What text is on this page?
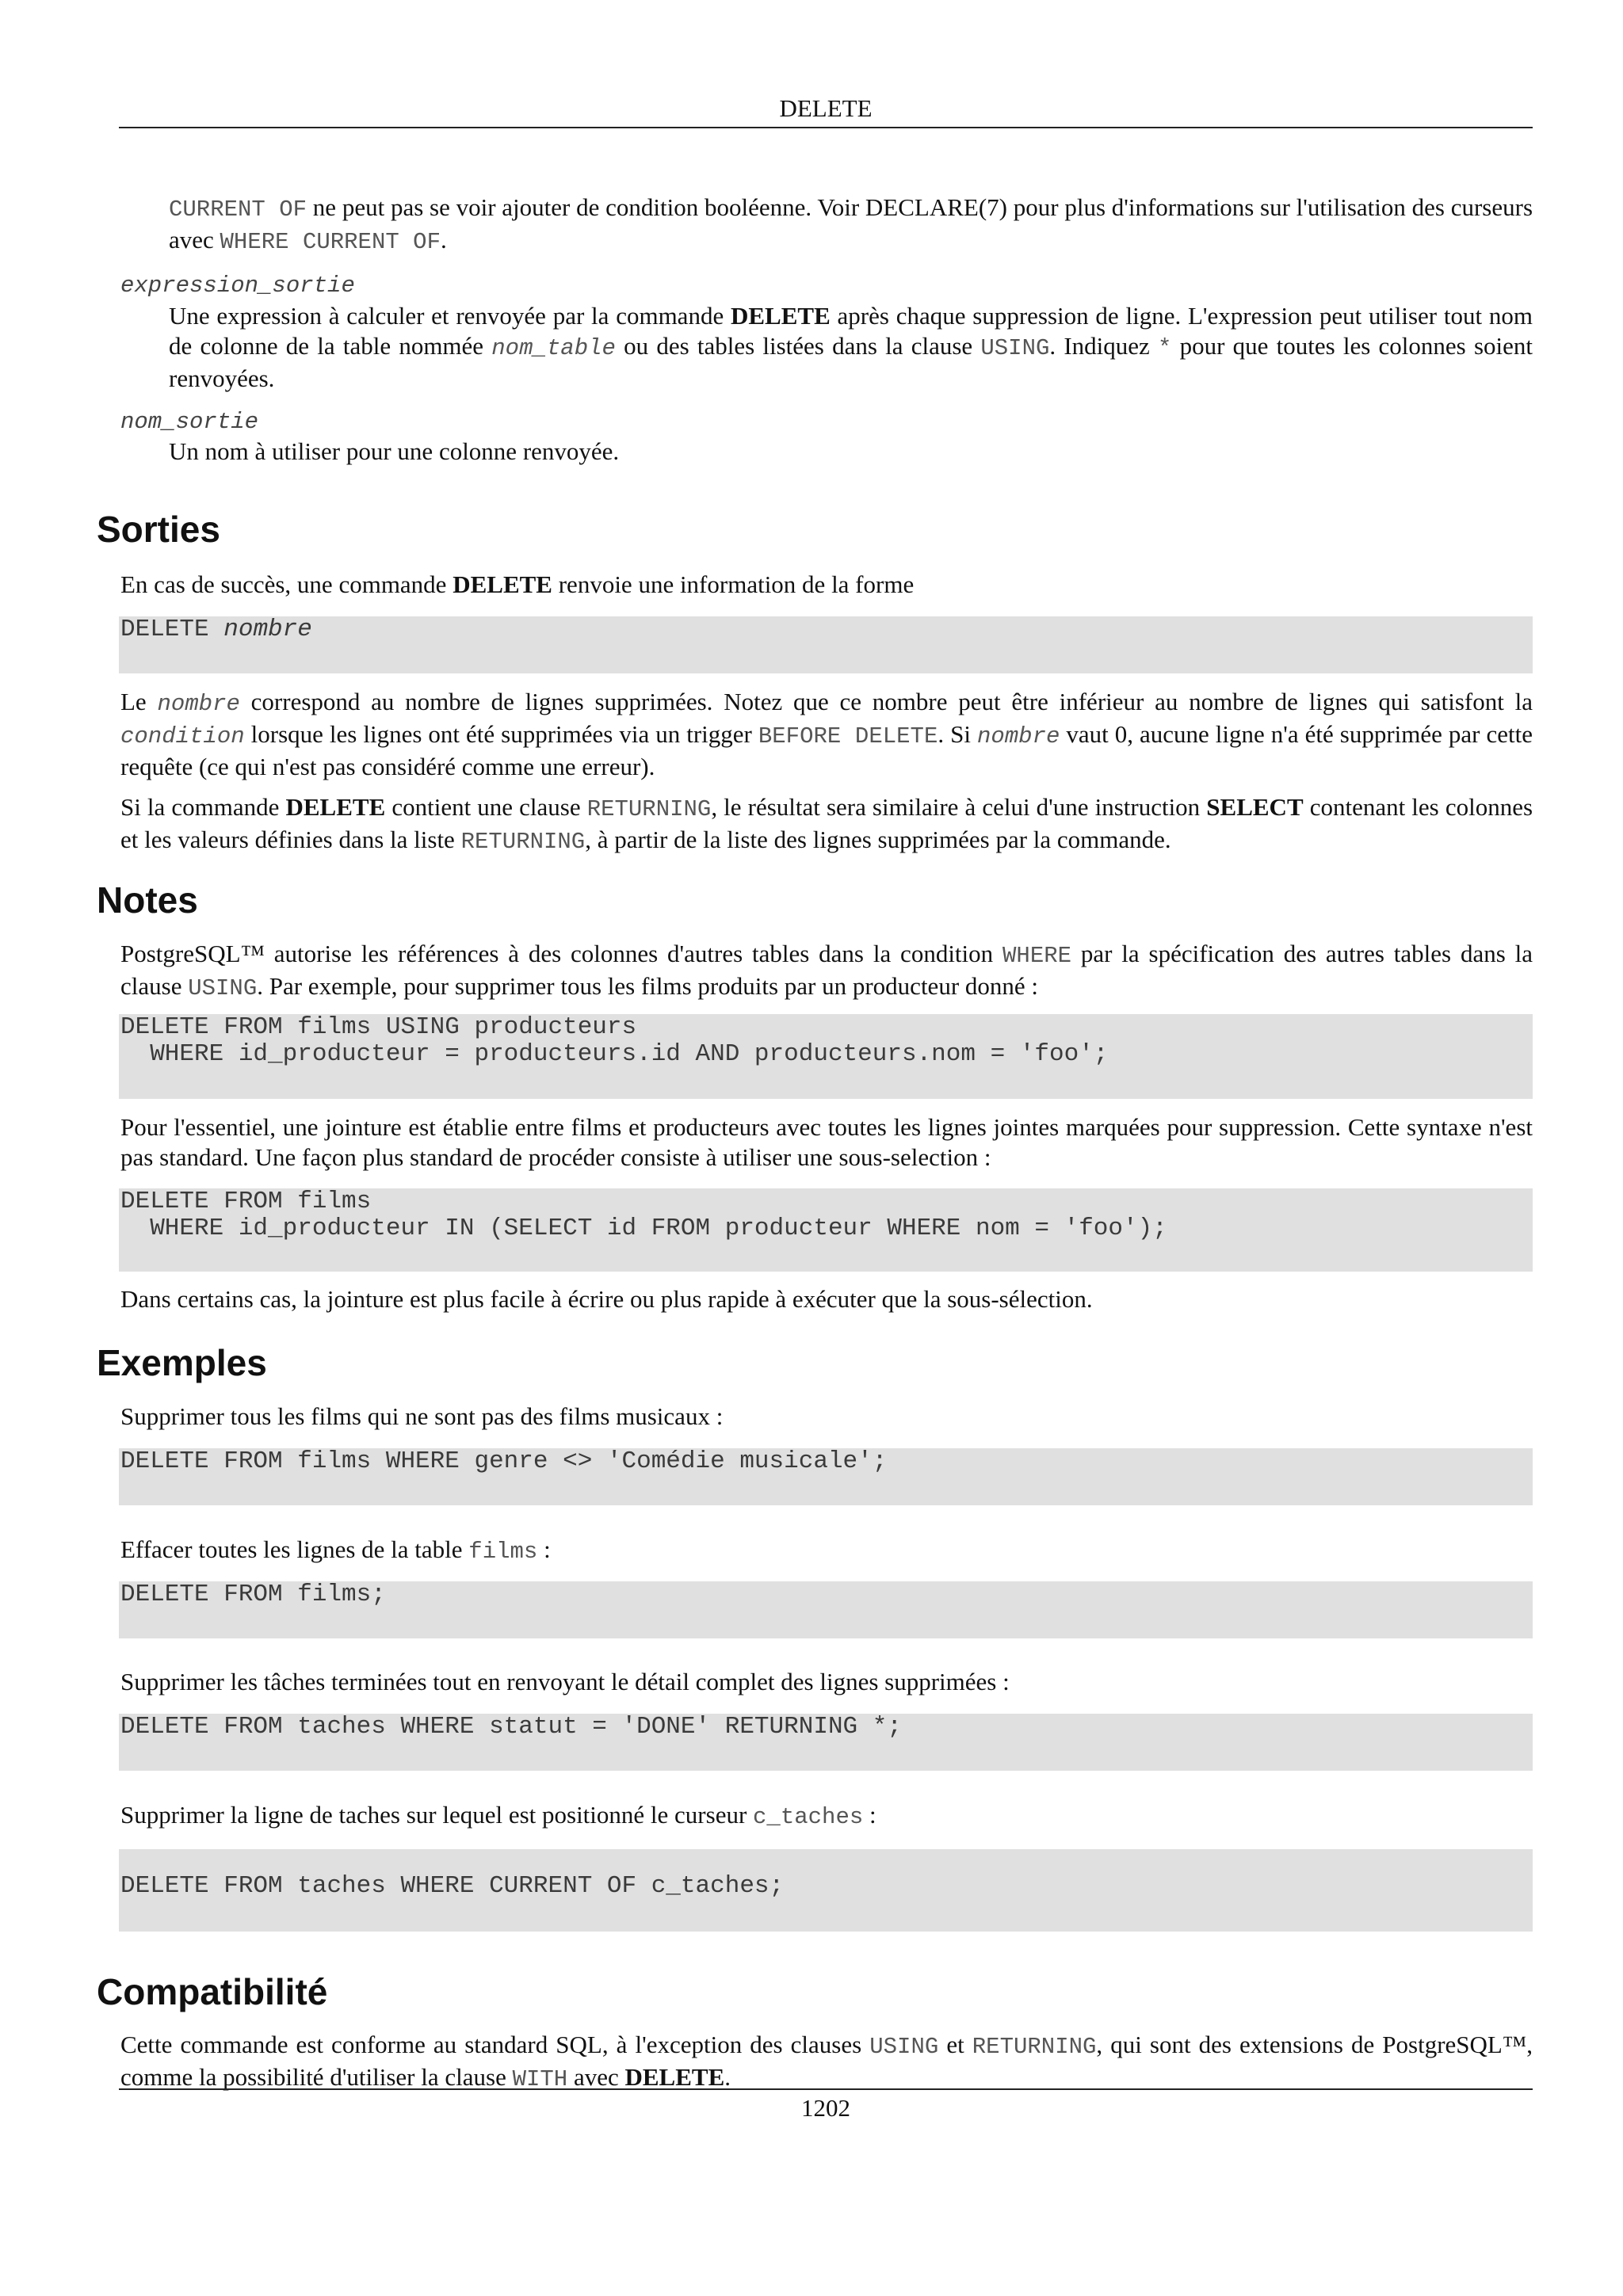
DELETE
CURRENT OF ne peut pas se voir ajouter de condition booléenne. Voir DECLARE(7) pour plus d'informations sur l'utilisation des curseurs avec WHERE CURRENT OF.
expression_sortie
Une expression à calculer et renvoyée par la commande DELETE après chaque suppression de ligne. L'expression peut utiliser tout nom de colonne de la table nommée nom_table ou des tables listées dans la clause USING. Indiquez * pour que toutes les colonnes soient renvoyées.
nom_sortie
Un nom à utiliser pour une colonne renvoyée.
Sorties
En cas de succès, une commande DELETE renvoie une information de la forme
DELETE nombre
Le nombre correspond au nombre de lignes supprimées. Notez que ce nombre peut être inférieur au nombre de lignes qui satisfont la condition lorsque les lignes ont été supprimées via un trigger BEFORE DELETE. Si nombre vaut 0, aucune ligne n'a été supprimée par cette requête (ce qui n'est pas considéré comme une erreur).
Si la commande DELETE contient une clause RETURNING, le résultat sera similaire à celui d'une instruction SELECT contenant les colonnes et les valeurs définies dans la liste RETURNING, à partir de la liste des lignes supprimées par la commande.
Notes
PostgreSQL™ autorise les références à des colonnes d'autres tables dans la condition WHERE par la spécification des autres tables dans la clause USING. Par exemple, pour supprimer tous les films produits par un producteur donné :
DELETE FROM films USING producteurs
WHERE id_producteur = producteurs.id AND producteurs.nom = 'foo';
Pour l'essentiel, une jointure est établie entre films et producteurs avec toutes les lignes jointes marquées pour suppression. Cette syntaxe n'est pas standard. Une façon plus standard de procéder consiste à utiliser une sous-selection :
DELETE FROM films
WHERE id_producteur IN (SELECT id FROM producteur WHERE nom = 'foo');
Dans certains cas, la jointure est plus facile à écrire ou plus rapide à exécuter que la sous-sélection.
Exemples
Supprimer tous les films qui ne sont pas des films musicaux :
DELETE FROM films WHERE genre <> 'Comédie musicale';
Effacer toutes les lignes de la table films :
DELETE FROM films;
Supprimer les tâches terminées tout en renvoyant le détail complet des lignes supprimées :
DELETE FROM taches WHERE statut = 'DONE' RETURNING *;
Supprimer la ligne de taches sur lequel est positionné le curseur c_taches :
DELETE FROM taches WHERE CURRENT OF c_taches;
Compatibilité
Cette commande est conforme au standard SQL, à l'exception des clauses USING et RETURNING, qui sont des extensions de PostgreSQL™, comme la possibilité d'utiliser la clause WITH avec DELETE.
1202
